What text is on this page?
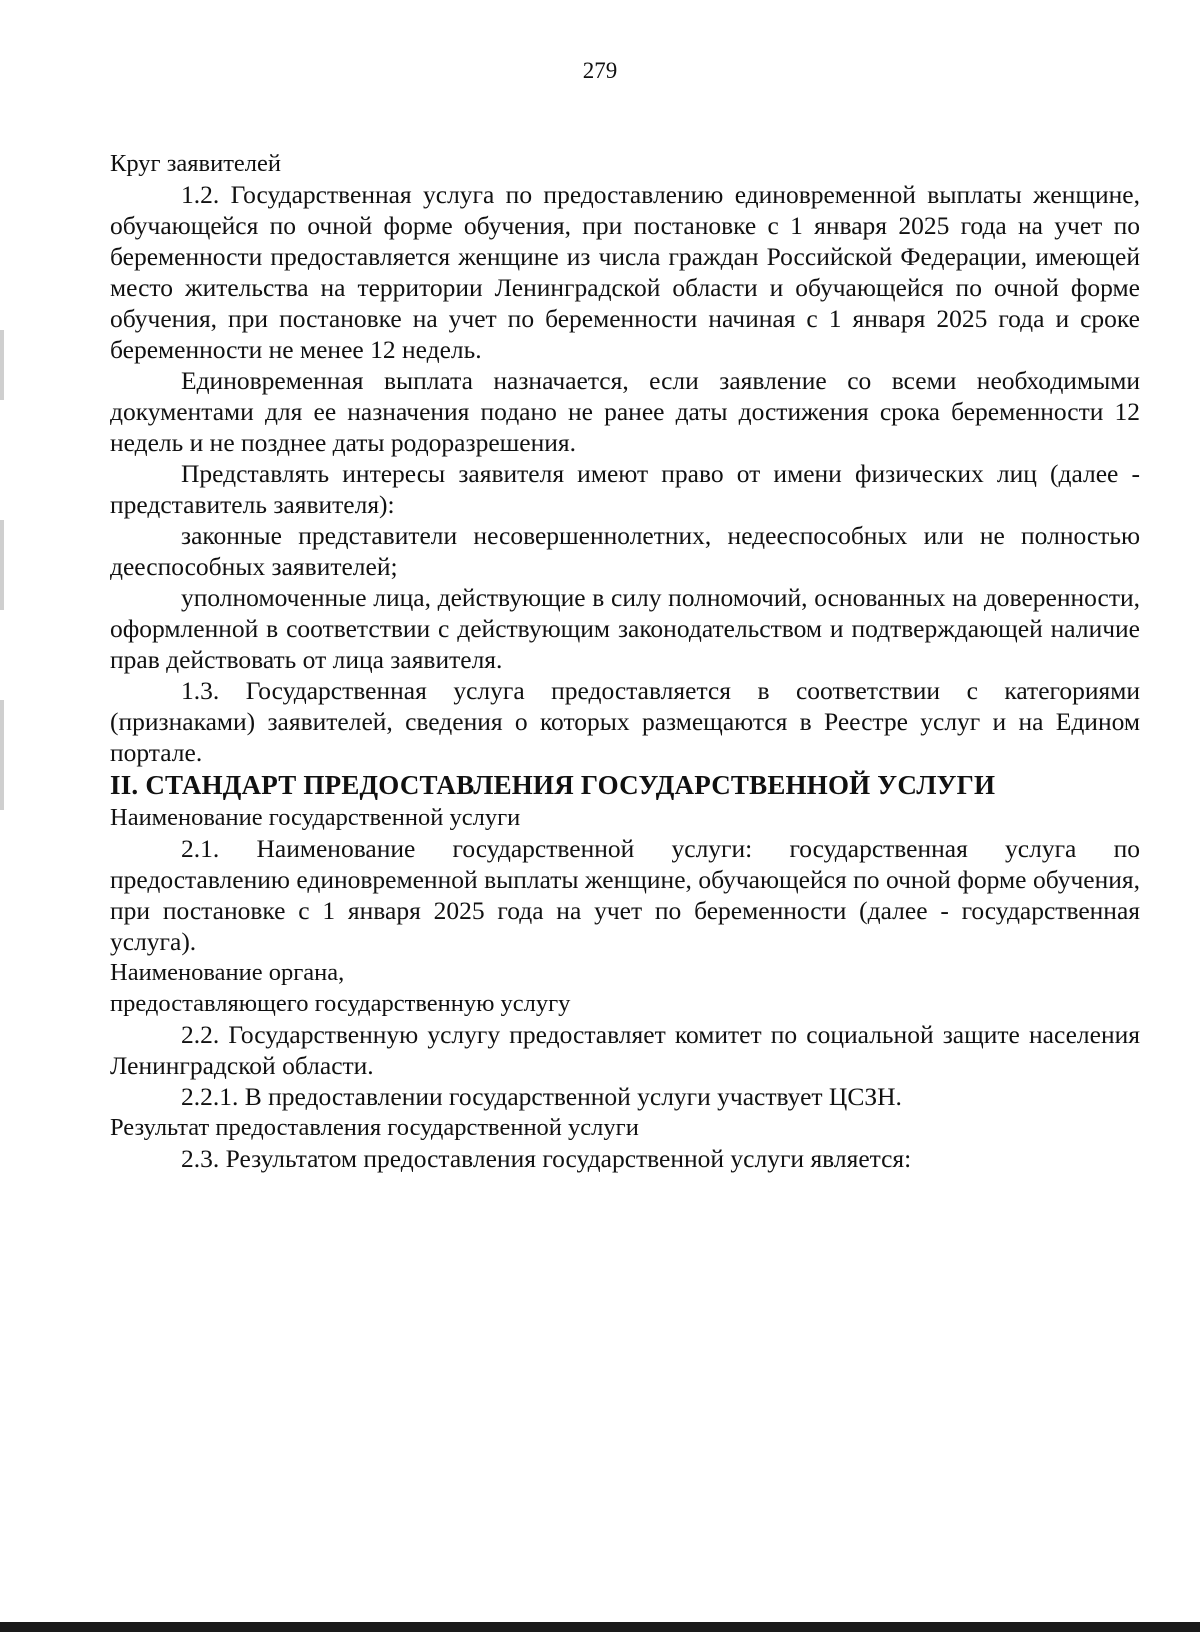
279

Круг заявителей

1.2. Государственная услуга по предоставлению единовременной выплаты женщине, обучающейся по очной форме обучения, при постановке с 1 января 2025 года на учет по беременности предоставляется женщине из числа граждан Российской Федерации, имеющей место жительства на территории Ленинградской области и обучающейся по очной форме обучения, при постановке на учет по беременности начиная с 1 января 2025 года и сроке беременности не менее 12 недель.

Единовременная выплата назначается, если заявление со всеми необходимыми документами для ее назначения подано не ранее даты достижения срока беременности 12 недель и не позднее даты родоразрешения.

Представлять интересы заявителя имеют право от имени физических лиц (далее - представитель заявителя):

законные представители несовершеннолетних, недееспособных или не полностью дееспособных заявителей;

уполномоченные лица, действующие в силу полномочий, основанных на доверенности, оформленной в соответствии с действующим законодательством и подтверждающей наличие прав действовать от лица заявителя.

1.3. Государственная услуга предоставляется в соответствии с категориями (признаками) заявителей, сведения о которых размещаются в Реестре услуг и на Едином портале.

II. СТАНДАРТ ПРЕДОСТАВЛЕНИЯ ГОСУДАРСТВЕННОЙ УСЛУГИ

Наименование государственной услуги

2.1. Наименование государственной услуги: государственная услуга по предоставлению единовременной выплаты женщине, обучающейся по очной форме обучения, при постановке с 1 января 2025 года на учет по беременности (далее - государственная услуга).

Наименование органа,

предоставляющего государственную услугу

2.2. Государственную услугу предоставляет комитет по социальной защите населения Ленинградской области.

2.2.1. В предоставлении государственной услуги участвует ЦСЗН.

Результат предоставления государственной услуги

2.3. Результатом предоставления государственной услуги является:
